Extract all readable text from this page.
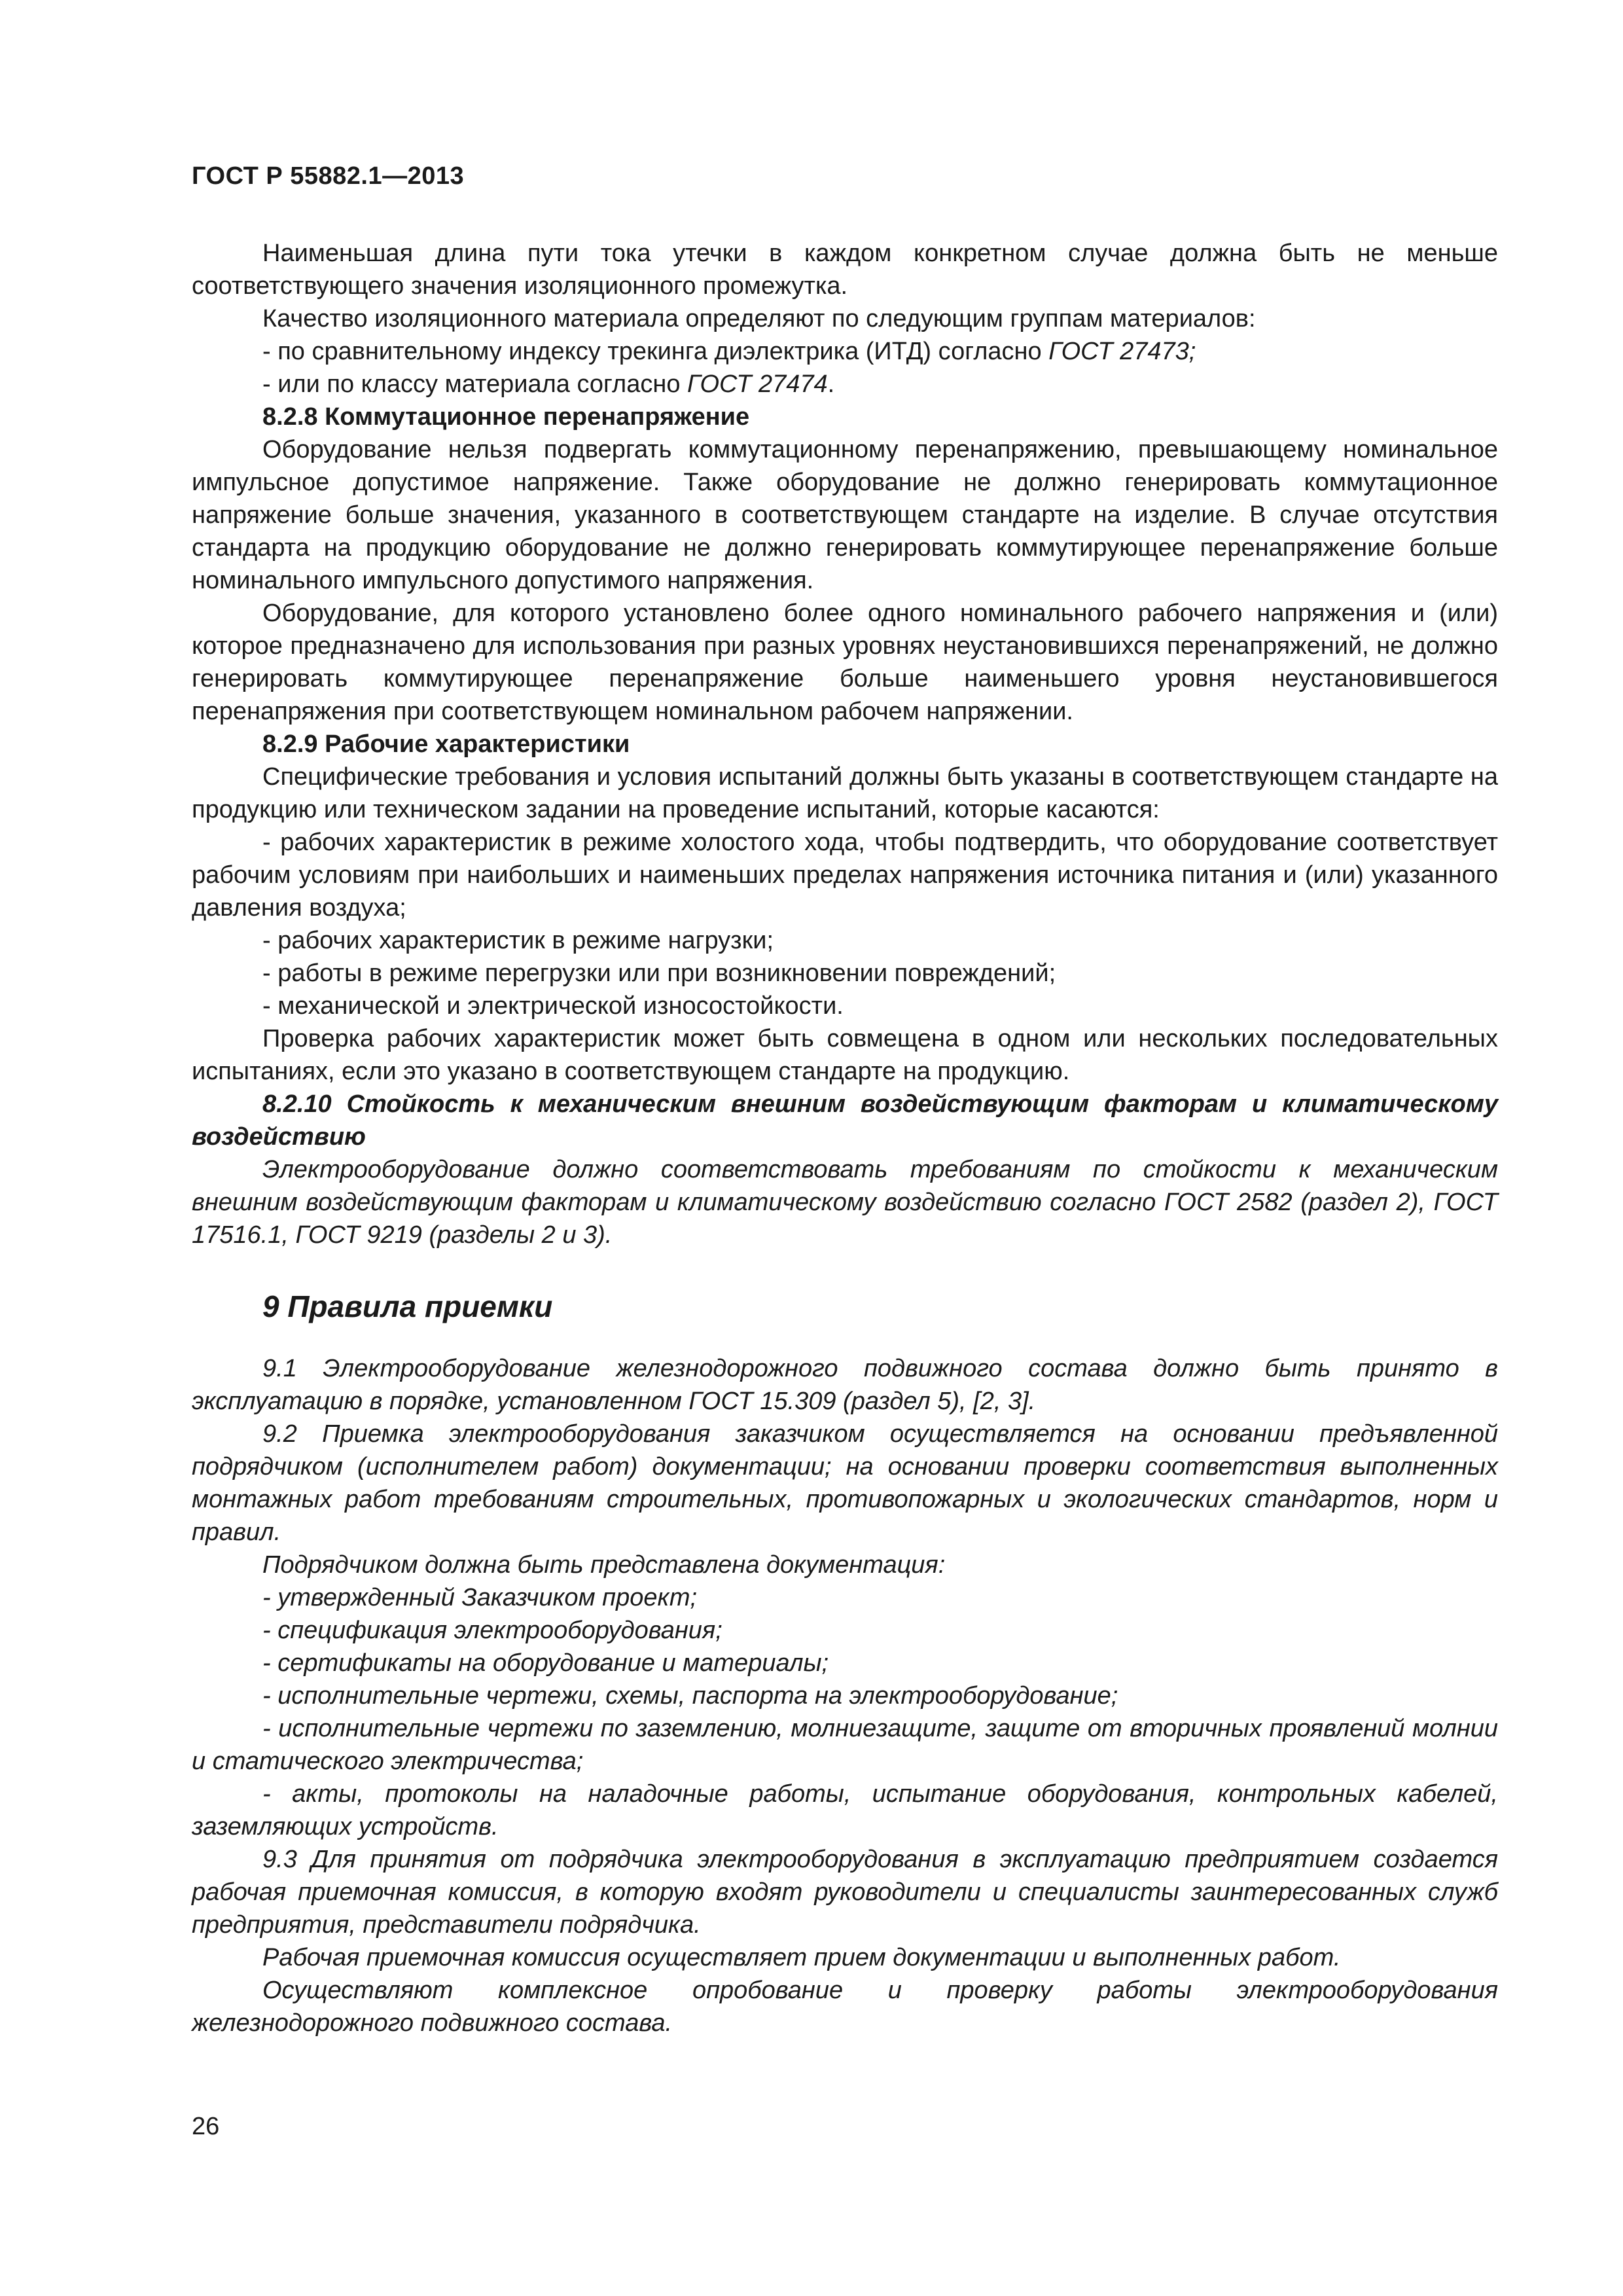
ГОСТ Р 55882.1—2013

Наименьшая длина пути тока утечки в каждом конкретном случае должна быть не меньше соответствующего значения изоляционного промежутка.

Качество изоляционного материала определяют по следующим группам материалов:

- по сравнительному индексу трекинга диэлектрика (ИТД) согласно ГОСТ 27473;

- или по классу материала согласно ГОСТ 27474.

8.2.8 Коммутационное перенапряжение

Оборудование нельзя подвергать коммутационному перенапряжению, превышающему номинальное импульсное допустимое напряжение. Также оборудование не должно генерировать коммутационное напряжение больше значения, указанного в соответствующем стандарте на изделие. В случае отсутствия стандарта на продукцию оборудование не должно генерировать коммутирующее перенапряжение больше номинального импульсного допустимого напряжения.

Оборудование, для которого установлено более одного номинального рабочего напряжения и (или) которое предназначено для использования при разных уровнях неустановившихся перенапряжений, не должно генерировать коммутирующее перенапряжение больше наименьшего уровня неустановившегося перенапряжения при соответствующем номинальном рабочем напряжении.

8.2.9 Рабочие характеристики

Специфические требования и условия испытаний должны быть указаны в соответствующем стандарте на продукцию или техническом задании на проведение испытаний, которые касаются:

- рабочих характеристик в режиме холостого хода, чтобы подтвердить, что оборудование соответствует рабочим условиям при наибольших и наименьших пределах напряжения источника питания и (или) указанного давления воздуха;

- рабочих характеристик в режиме нагрузки;

- работы в режиме перегрузки или при возникновении повреждений;

- механической и электрической износостойкости.

Проверка рабочих характеристик может быть совмещена в одном или нескольких последовательных испытаниях, если это указано в соответствующем стандарте на продукцию.

8.2.10 Стойкость к механическим внешним воздействующим факторам и климатическому воздействию

Электрооборудование должно соответствовать требованиям по стойкости к механическим внешним воздействующим факторам и климатическому воздействию согласно ГОСТ 2582 (раздел 2), ГОСТ 17516.1, ГОСТ 9219 (разделы 2 и 3).

9 Правила приемки

9.1 Электрооборудование железнодорожного подвижного состава должно быть принято в эксплуатацию в порядке, установленном ГОСТ 15.309 (раздел 5), [2, 3].

9.2 Приемка электрооборудования заказчиком осуществляется на основании предъявленной подрядчиком (исполнителем работ) документации; на основании проверки соответствия выполненных монтажных работ требованиям строительных, противопожарных и экологических стандартов, норм и правил.

Подрядчиком должна быть представлена документация:

- утвержденный Заказчиком проект;

- спецификация электрооборудования;

- сертификаты на оборудование и материалы;

- исполнительные чертежи, схемы, паспорта на электрооборудование;

- исполнительные чертежи по заземлению, молниезащите, защите от вторичных проявлений молнии и статического электричества;

- акты, протоколы на наладочные работы, испытание оборудования, контрольных кабелей, заземляющих устройств.

9.3 Для принятия от подрядчика электрооборудования в эксплуатацию предприятием создается рабочая приемочная комиссия, в которую входят руководители и специалисты заинтересованных служб предприятия, представители подрядчика.

Рабочая приемочная комиссия осуществляет прием документации и выполненных работ.

Осуществляют комплексное опробование и проверку работы электрооборудования железнодорожного подвижного состава.

26
